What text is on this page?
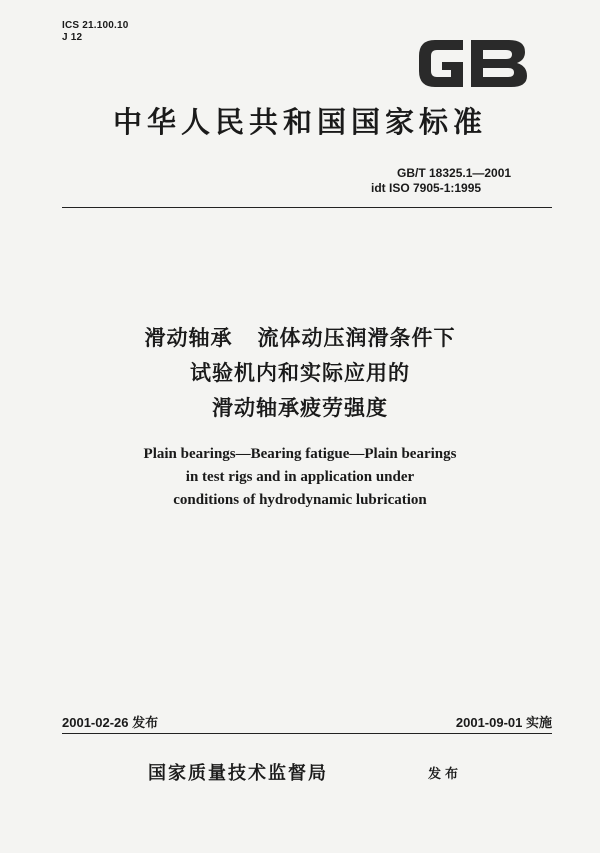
ICS 21.100.10
J 12	GB
中华人民共和国国家标准
GB/T 18325.1—2001
idt ISO 7905-1:1995
滑动轴承   流体动压润滑条件下
试验机内和实际应用的
滑动轴承疲劳强度
Plain bearings—Bearing fatigue—Plain bearings
in test rigs and in application under
conditions of hydrodynamic lubrication
2001-02-26 发布	2001-09-01 实施
国家质量技术监督局	发布
